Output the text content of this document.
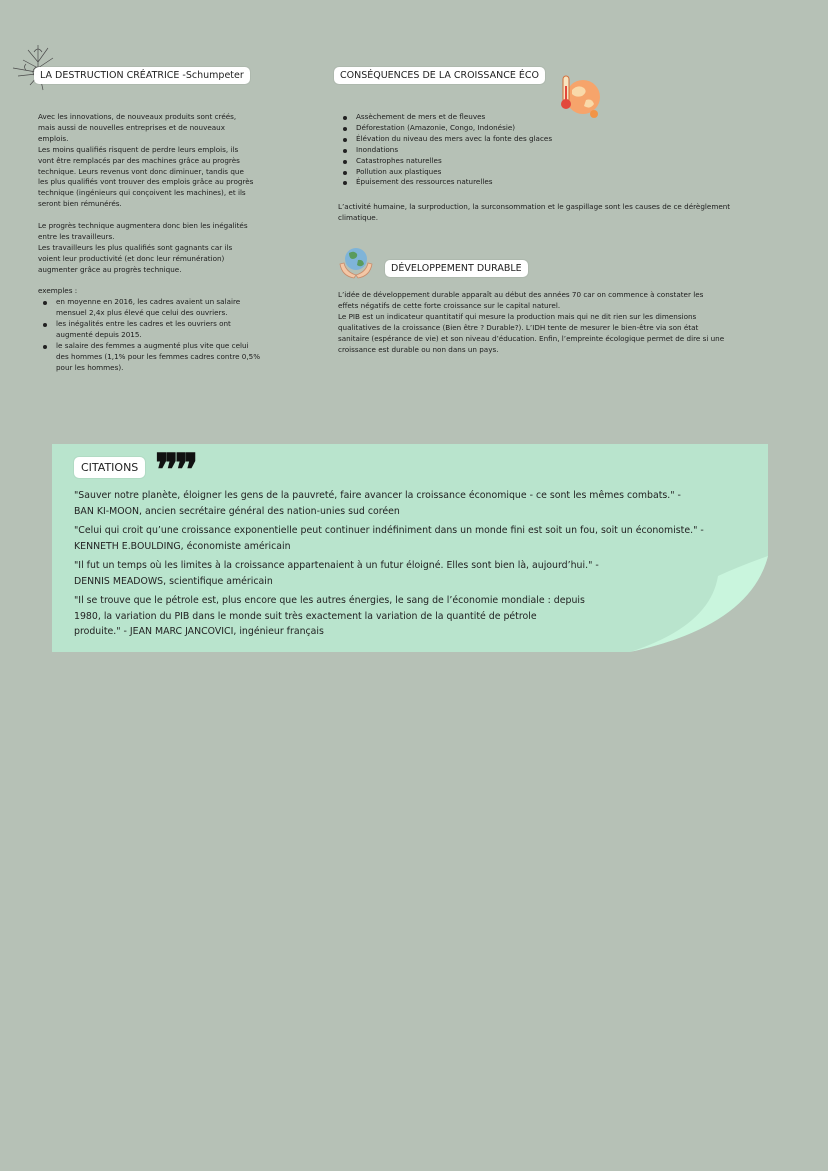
LA DESTRUCTION CRÉATRICE -Schumpeter

Avec les innovations, de nouveaux produits sont créés,

mais aussi de nouvelles entreprises et de nouveaux

emplois.

Les moins qualifiés risquent de perdre leurs emplois, ils

vont être remplacés par des machines grâce au progrès

technique. Leurs revenus vont donc diminuer, tandis que

les plus qualifiés vont trouver des emplois grâce au progrès

technique (ingénieurs qui conçoivent les machines), et ils

seront bien rémunérés.

Le progrès technique augmentera donc bien les inégalités

entre les travailleurs.

Les travailleurs les plus qualifiés sont gagnants car ils

voient leur productivité (et donc leur rémunération)

augmenter grâce au progrès technique.

exemples :

en moyenne en 2016, les cadres avaient un salaire

mensuel 2,4x plus élevé que celui des ouvriers.

les inégalités entre les cadres et les ouvriers ont

augmenté depuis 2015.

le salaire des femmes a augmenté plus vite que celui

des hommes (1,1% pour les femmes cadres contre 0,5%

pour les hommes).

CONSÉQUENCES DE LA CROISSANCE ÉCO
Assèchement de mers et de fleuves
Déforestation (Amazonie, Congo, Indonésie)
Élévation du niveau des mers avec la fonte des glaces
Inondations
Catastrophes naturelles
Pollution aux plastiques
Épuisement des ressources naturelles

L’activité humaine, la surproduction, la surconsommation et le gaspillage sont les causes de ce dérèglement

climatique.

DÉVELOPPEMENT DURABLE

L’idée de développement durable apparaît au début des années 70 car on commence à constater les

effets négatifs de cette forte croissance sur le capital naturel.

Le PIB est un indicateur quantitatif qui mesure la production mais qui ne dit rien sur les dimensions

qualitatives de la croissance (Bien être ? Durable?). L’IDH tente de mesurer le bien-être via son état

sanitaire (espérance de vie) et son niveau d’éducation. Enfin, l’empreinte écologique permet de dire si une

croissance est durable ou non dans un pays.

CITATIONS ❞❞

"Sauver notre planète, éloigner les gens de la pauvreté, faire avancer la croissance économique - ce sont les mêmes combats." -

BAN KI-MOON, ancien secrétaire général des nation-unies sud coréen

"Celui qui croit qu’une croissance exponentielle peut continuer indéfiniment dans un monde fini est soit un fou, soit un économiste." -

KENNETH E.BOULDING, économiste américain

"Il fut un temps où les limites à la croissance appartenaient à un futur éloigné. Elles sont bien là, aujourd’hui." -

DENNIS MEADOWS, scientifique américain

"Il se trouve que le pétrole est, plus encore que les autres énergies, le sang de l’économie mondiale : depuis

1980, la variation du PIB dans le monde suit très exactement la variation de la quantité de pétrole

produite." - JEAN MARC JANCOVICI, ingénieur français
